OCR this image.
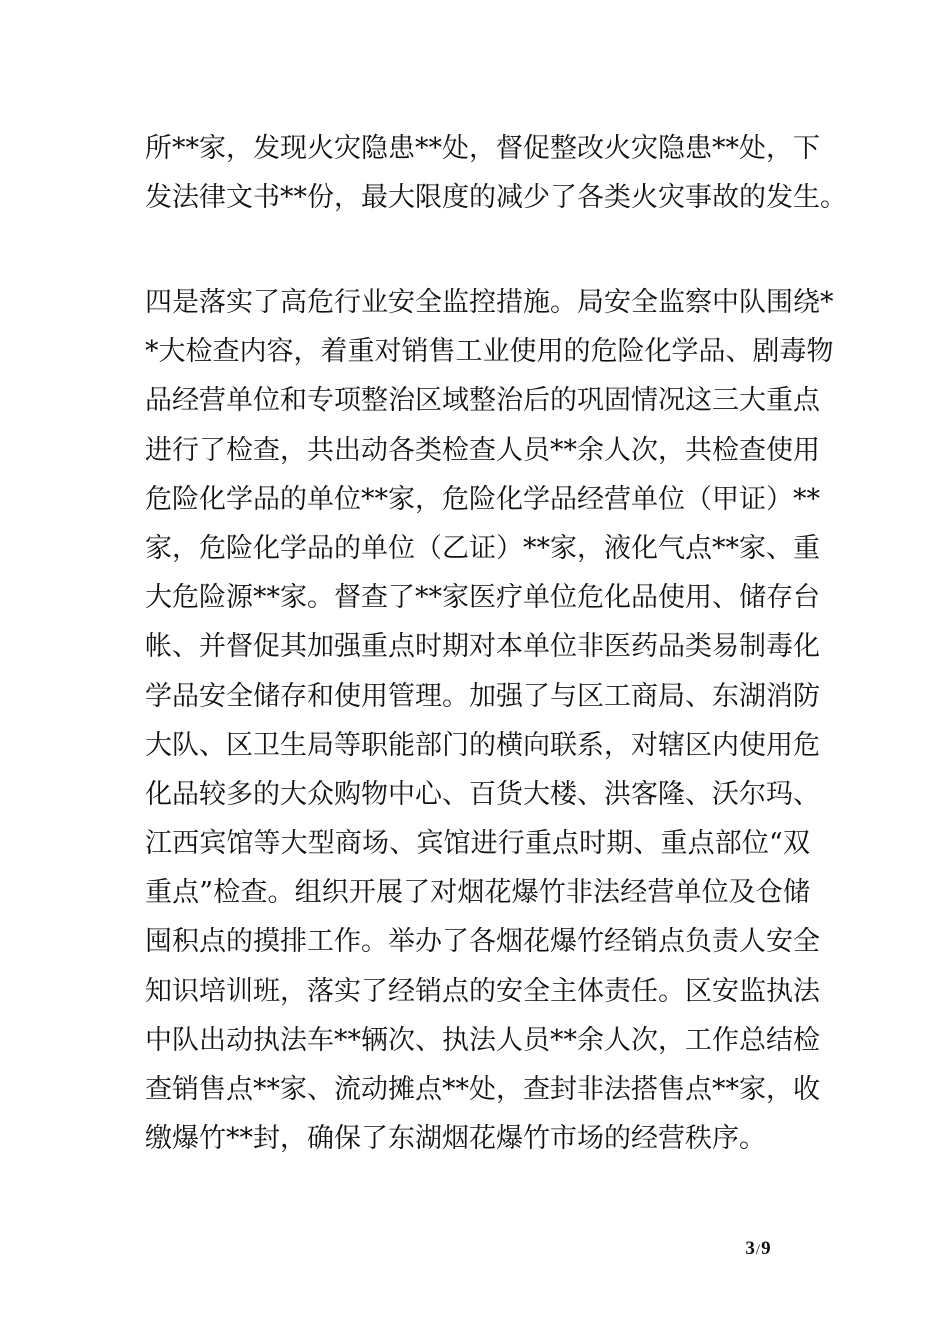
所**家，发现火灾隐患**处，督促整改火灾隐患**处，下
发法律文书**份，最大限度的减少了各类火灾事故的发生。
四是落实了高危行业安全监控措施。局安全监察中队围绕*
*大检查内容，着重对销售工业使用的危险化学品、剧毒物
品经营单位和专项整治区域整治后的巩固情况这三大重点
进行了检查，共出动各类检查人员**余人次，共检查使用
危险化学品的单位**家，危险化学品经营单位（甲证）**
家，危险化学品的单位（乙证）**家，液化气点**家、重
大危险源**家。督查了**家医疗单位危化品使用、储存台
帐、并督促其加强重点时期对本单位非医药品类易制毒化
学品安全储存和使用管理。加强了与区工商局、东湖消防
大队、区卫生局等职能部门的横向联系，对辖区内使用危
化品较多的大众购物中心、百货大楼、洪客隆、沃尔玛、
江西宾馆等大型商场、宾馆进行重点时期、重点部位“双
重点”检查。组织开展了对烟花爆竹非法经营单位及仓储
囤积点的摸排工作。举办了各烟花爆竹经销点负责人安全
知识培训班，落实了经销点的安全主体责任。区安监执法
中队出动执法车**辆次、执法人员**余人次，工作总结检
查销售点**家、流动摊点**处，查封非法搭售点**家，收
缴爆竹**封，确保了东湖烟花爆竹市场的经营秩序。
3/9
